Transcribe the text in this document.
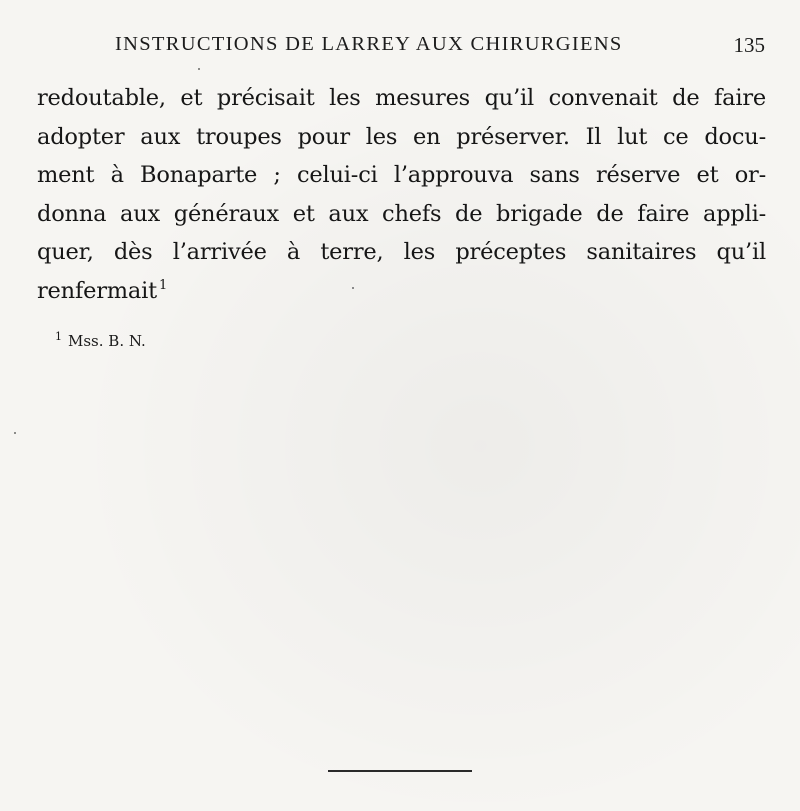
INSTRUCTIONS DE LARREY AUX CHIRURGIENS	135
redoutable, et précisait les mesures qu’il convenait de faire
adopter aux troupes pour les en préserver. Il lut ce docu-
ment à Bonaparte ; celui-ci l’approuva sans réserve et or-
donna aux généraux et aux chefs de brigade de faire appli-
quer, dès l’arrivée à terre, les préceptes sanitaires qu’il
renfermait $^1$
$^1$ Mss. B. N.
